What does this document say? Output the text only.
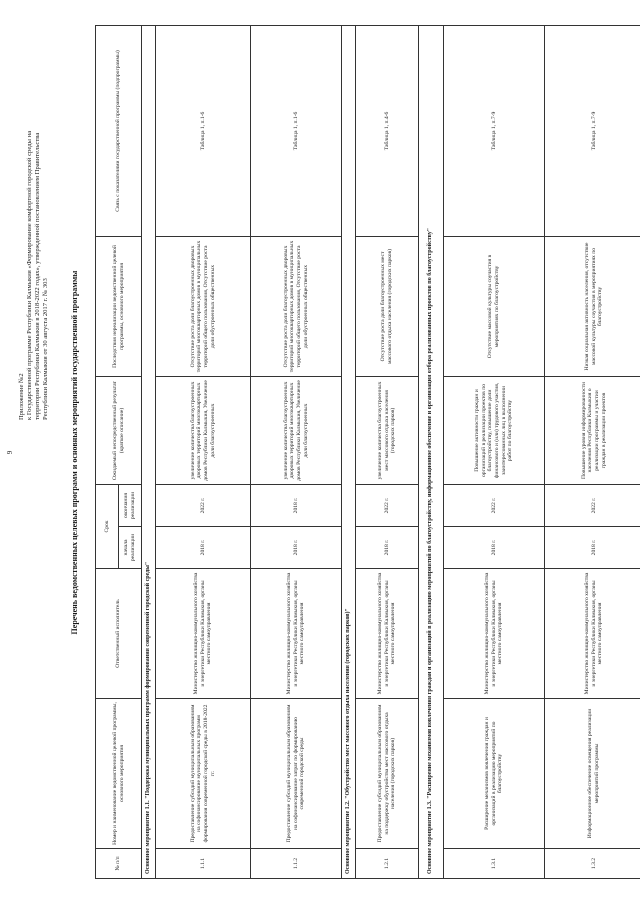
9
Приложение №2 к Государственной программе Республики Калмыкия «Формирование комфортной городской среды на территории Республики Калмыкия в 2018-2022 годах», утвержденной постановлением Правительства Республики Калмыкия от 30 августа 2017 г. № 303	Перечень ведомственных целевых программ и основных мероприятий государственной программы
№ п/п	Номер и наименование ведомственной целевой программы, основного мероприятия	Ответственный исполнитель	Срок		Ожидаемый непосредственный результат (краткое описание)	Последствия нереализации ведомственной целевой программы, основного мероприятия	Связь с показателями государственной программы (подпрограммы)
			начала реализации	окончания реализации			
Основное мероприятие 1.1. "Поддержка муниципальных программ формирования современной городской среды"							
1.1.1	Предоставление субсидий муниципальным образованиям на софинансирование муниципальных программ формирования современной городской среды в 2018-2022 гг.	Министерство жилищно-коммунального хозяйства и энергетики Республики Калмыкия, органы местного самоуправления	2018 г.	2022 г.	увеличение количества благоустроенных дворовых территорий многоквартирных домов Республики Калмыкия, Увеличение доли благоустроенных	Отсутствие роста доли благоустроенных дворовых территорий многоквартирных домов в муниципальных территорий общего пользования, Отсутствие роста доли обустроенных общественных	Таблица 1, п.1-6
1.1.2	Предоставление субсидий муниципальным образованиям на софинансирование затрат по формированию современной городской среды	Министерство жилищно-коммунального хозяйства и энергетики Республики Калмыкия, органы местного самоуправления	2018 г.	2018 г.	увеличение количества благоустроенных дворовых территорий многоквартирных домов Республики Калмыкия, Увеличение доли благоустроенных	Отсутствие роста доли благоустроенных дворовых территорий многоквартирных домов в муниципальных территорий общего пользования, Отсутствие роста доли обустроенных общественных	Таблица 1, п.1-6
Основное мероприятие 1.2. "Обустройство мест массового отдыха населения (городских парков)"							
1.2.1	Предоставление субсидий муниципальным образованиям на поддержку обустройства мест массового отдыха населения (городских парков)	Министерство жилищно-коммунального хозяйства и энергетики Республики Калмыкия, органы местного самоуправления	2018 г.	2022 г.	увеличение количества благоустроенных мест массового отдыха населения (городских парков)	Отсутствие роста доли благоустроенных мест массового отдыха населения (городских парков)	Таблица 1, п.4-6
Основное мероприятие 1.3. "Расширение механизмов вовлечения граждан и организаций в реализацию мероприятий по благоустройству, информационное обеспечение и организация отбора реализованных проектов по благоустройству"							
1.3.1	Расширение механизмов вовлечения граждан и организаций в реализацию мероприятий по благоустройству	Министерство жилищно-коммунального хозяйства и энергетики Республики Калмыкия, органы местного самоуправления	2018 г.	2022 г.	Повышение активности граждан и организаций в реализации проектов по благоустройству, повышение доли финансового и (или) трудового участия, заинтересованных лиц в выполнении работ по благоустройству	Отсутствие массовой культуры соучастия в мероприятиях по благоустройству	Таблица 1, п.7-9
1.3.2	Информационное обеспечение освещения реализации мероприятий программы	Министерство жилищно-коммунального хозяйства и энергетики Республики Калмыкия, органы местного самоуправления	2018 г.	2022 г.	Повышение уровня информированности населения Республики Калмыкия о реализации программы и участии граждан в реализации проектов	Низкая социальная активность населения, отсутствие массовой культуры соучастия в мероприятиях по благоустройству	Таблица 1, п.7-9
